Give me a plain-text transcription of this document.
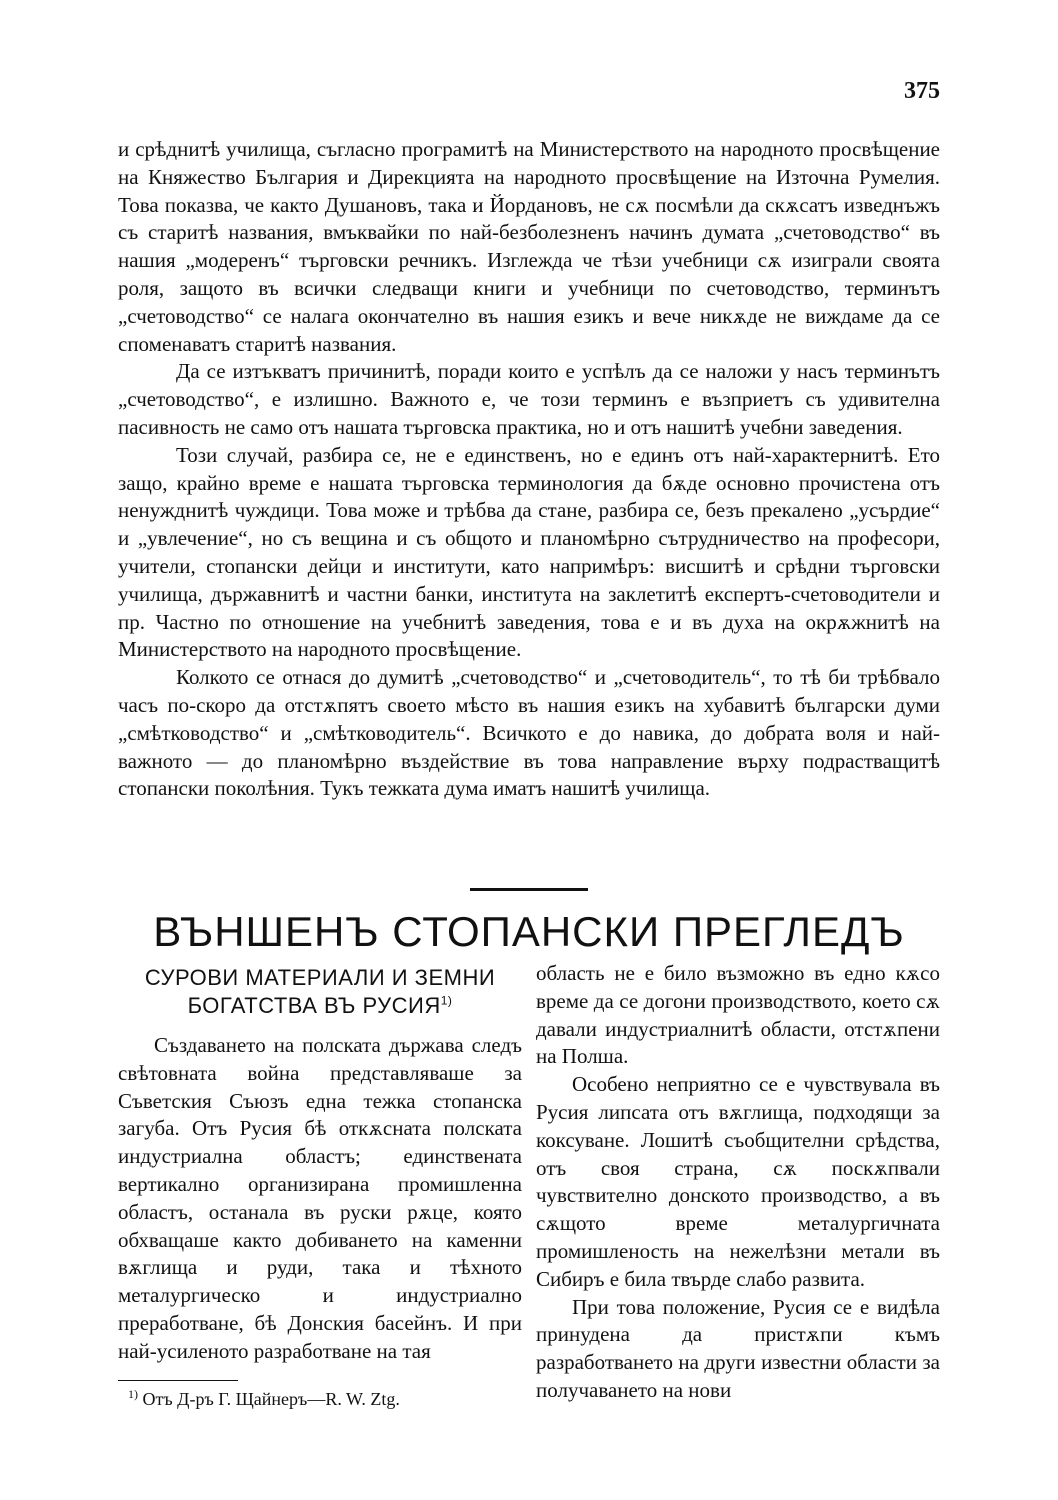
375

и срѣднитѣ училища, съгласно програмитѣ на Министерството на народното просвѣщение на Княжество България и Дирекцията на народното просвѣщение на Източна Румелия. Това показва, че както Душановъ, така и Йордановъ, не сѫ посмѣли да скѫсатъ изведнъжъ съ старитѣ названия, вмъквайки по най-безболезненъ начинъ думата „счетоводство“ въ нашия „модеренъ“ търговски речникъ. Изглежда че тѣзи учебници сѫ изиграли своята роля, защото въ всички следващи книги и учебници по счетоводство, терминътъ „счетоводство“ се налага окончателно въ нашия езикъ и вече никѫде не виждаме да се споменаватъ старитѣ названия.

Да се изтъкватъ причинитѣ, поради които е успѣлъ да се наложи у насъ терминътъ „счетоводство“, е излишно. Важното е, че този терминъ е възприетъ съ удивителна пасивность не само отъ нашата търговска практика, но и отъ нашитѣ учебни заведения.

Този случай, разбира се, не е единственъ, но е единъ отъ най-характернитѣ. Ето защо, крайно време е нашата търговска терминология да бѫде основно прочистена отъ ненужднитѣ чуждици. Това може и трѣбва да стане, разбира се, безъ прекалено „усърдие“ и „увлечение“, но съ вещина и съ общото и планомѣрно сътрудничество на професори, учители, стопански дейци и институти, като напримѣръ: висшитѣ и срѣдни търговски училища, държавнитѣ и частни банки, института на заклетитѣ експертъ-счетоводители и пр. Частно по отношение на учебнитѣ заведения, това е и въ духа на окрѫжнитѣ на Министерството на народното просвѣщение.

Колкото се отнася до думитѣ „счетоводство“ и „счетоводитель“, то тѣ би трѣбвало часъ по-скоро да отстѫпятъ своето мѣсто въ нашия езикъ на хубавитѣ български думи „смѣтководство“ и „смѣтководитель“. Всичкото е до навика, до добрата воля и най-важното — до планомѣрно въздействие въ това направление върху подрастващитѣ стопански поколѣния. Тукъ тежката дума иматъ нашитѣ училища.

ВЪНШЕНЪ СТОПАНСКИ ПРЕГЛЕДЪ
СУРОВИ МАТЕРИАЛИ И ЗЕМНИ БОГАТСТВА ВЪ РУСИЯ$^{1)}$

Създаването на полската държава следъ свѣтовната война представляваше за Съветския Съюзъ една тежка стопанска загуба. Отъ Русия бѣ откѫсната полската индустриална областъ; единствената вертикално организирана промишленна областъ, останала въ руски рѫце, която обхващаше както добиването на каменни вѫглища и руди, така и тѣхното металургическо и индустриално преработване, бѣ Донския басейнъ. И при най-усиленото разработване на тая

$^{1)}$ Отъ Д-ръ Г. Щайнеръ—R. W. Ztg.

область не е било възможно въ едно кѫсо време да се догони производството, което сѫ давали индустриалнитѣ области, отстѫпени на Полша.

Особено неприятно се е чувствувала въ Русия липсата отъ вѫглища, подходящи за коксуване. Лошитѣ съобщителни срѣдства, отъ своя страна, сѫ поскѫпвали чувствително донското производство, а въ сѫщото време металургичната промишленость на нежелѣзни метали въ Сибиръ е била твърде слабо развита.

При това положение, Русия се е видѣла принудена да пристѫпи къмъ разработването на други известни области за получаването на нови
